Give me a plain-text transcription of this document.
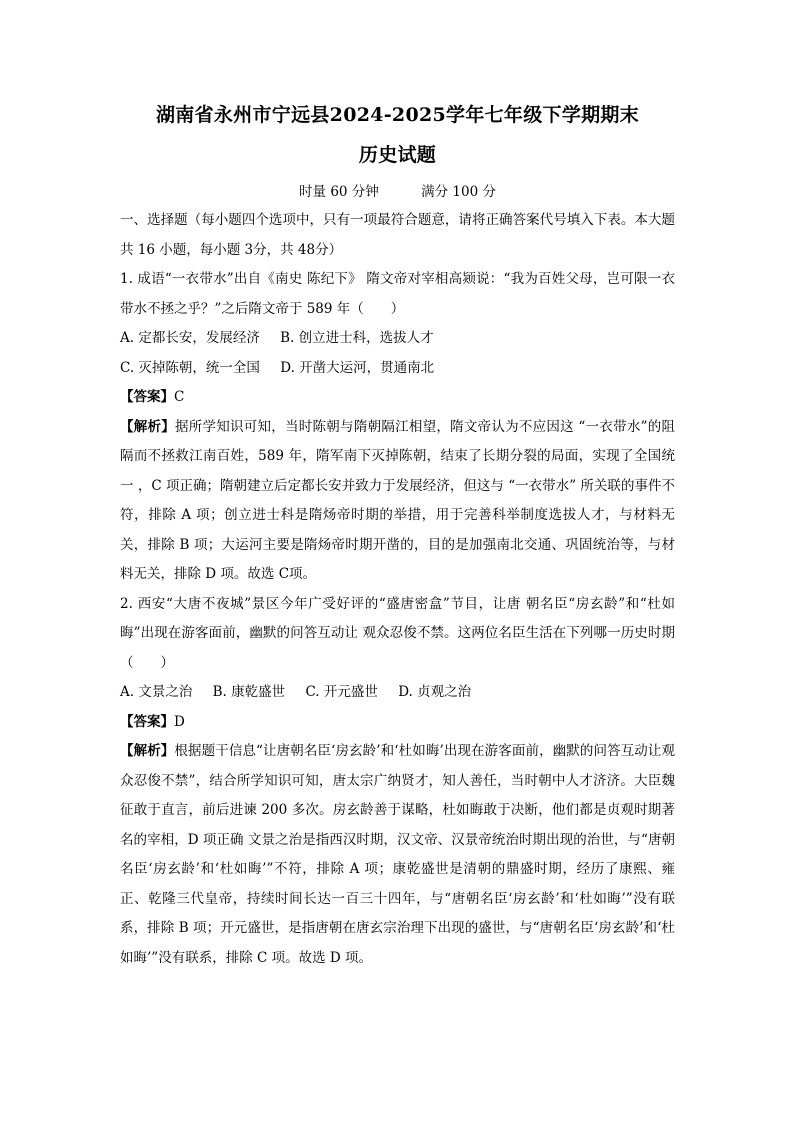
湖南省永州市宁远县2024-2025学年七年级下学期期末
历史试题
时量 60 分钟	满分 100 分

一、选择题（每小题四个选项中，只有一项最符合题意，请将正确答案代号填入下表。本大题共 16 小题，每小题 3分，共 48分）

1. 成语“一衣带水”出自《南史 陈纪下》 隋文帝对宰相高颎说：“我为百姓父母，岂可限一衣带水不拯之乎？”之后隋文帝于 589 年（　　）

A. 定都长安，发展经济 B. 创立进士科，选拔人才

C. 灭掉陈朝，统一全国 D. 开凿大运河，贯通南北

【答案】C

【解析】据所学知识可知，当时陈朝与隋朝隔江相望，隋文帝认为不应因这 “一衣带水”的阻隔而不拯救江南百姓，589 年，隋军南下灭掉陈朝，结束了长期分裂的局面，实现了全国统一 ，C 项正确；隋朝建立后定都长安并致力于发展经济，但这与 “一衣带水” 所关联的事件不符，排除 A 项；创立进士科是隋炀帝时期的举措，用于完善科举制度选拔人才，与材料无关，排除 B 项；大运河主要是隋炀帝时期开凿的，目的是加强南北交通、巩固统治等，与材料无关，排除 D 项。故选 C项。

2. 西安“大唐不夜城”景区今年广受好评的“盛唐密盒”节目，让唐 朝名臣“房玄龄”和“杜如晦”出现在游客面前，幽默的问答互动让 观众忍俊不禁。这两位名臣生活在下列哪一历史时期（　　）

A. 文景之治 B. 康乾盛世 C. 开元盛世 D. 贞观之治

【答案】D

【解析】根据题干信息“让唐朝名臣‘房玄龄’和‘杜如晦’出现在游客面前，幽默的问答互动让观众忍俊不禁”，结合所学知识可知，唐太宗广纳贤才，知人善任，当时朝中人才济济。大臣魏征敢于直言，前后进谏 200 多次。房玄龄善于谋略，杜如晦敢于决断，他们都是贞观时期著名的宰相，D 项正确 文景之治是指西汉时期，汉文帝、汉景帝统治时期出现的治世，与“唐朝名臣‘房玄龄’和‘杜如晦’”不符，排除 A 项；康乾盛世是清朝的鼎盛时期，经历了康熙、雍正、乾隆三代皇帝，持续时间长达一百三十四年，与“唐朝名臣‘房玄龄’和‘杜如晦’”没有联系，排除 B 项；开元盛世，是指唐朝在唐玄宗治理下出现的盛世，与“唐朝名臣‘房玄龄’和‘杜如晦’”没有联系，排除 C 项。故选 D 项。
